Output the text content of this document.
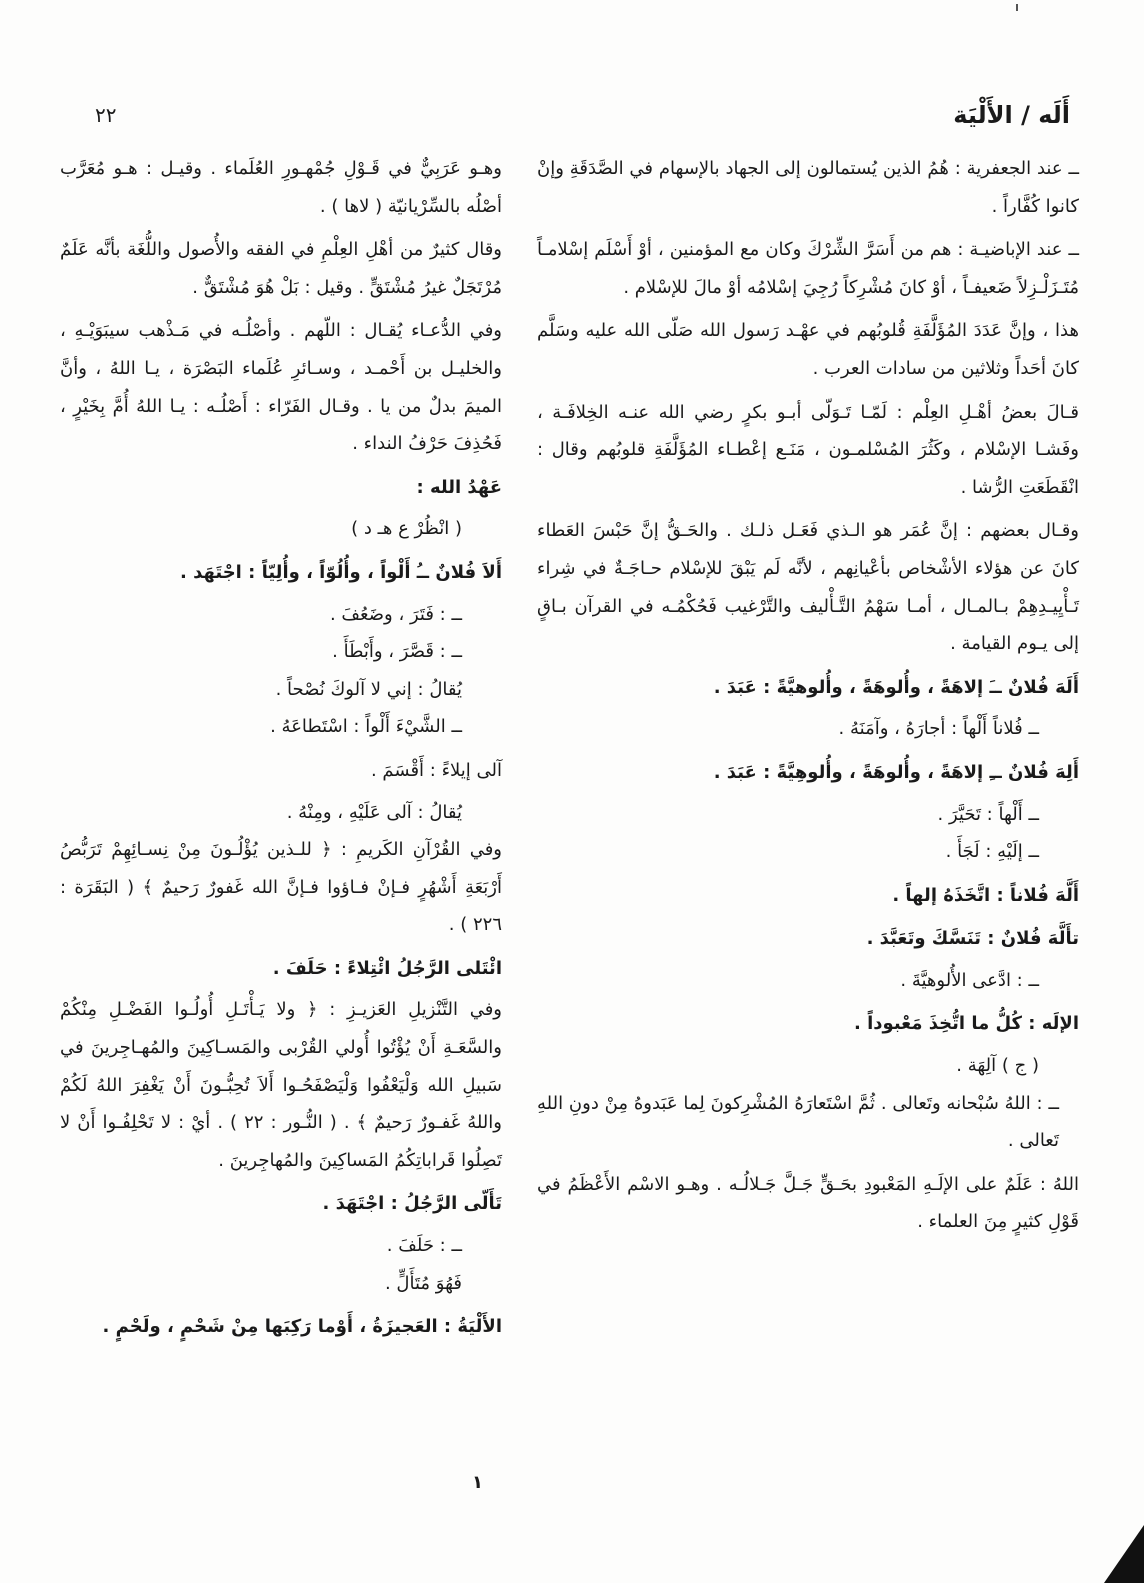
أَلَه / الأَلْيَة
٢٢

ــ عند الجعفرية : هُمُ الذين يُستمالون إلى الجهاد بالإسهام في الصَّدَقَةِ وإنْ كانوا كُفَّاراً .

ــ عند الإباضيـة : هم من أَسَرَّ الشِّرْكَ وكان مع المؤمنين ، أوْ أَسْلَم إسْلامـاً مُتَـزَلْـزِلاً ضَعيفـاً ، أوْ كانَ مُشْرِكاً رُجِيَ إسْلامُه أوْ مالَ للإسْلام .

هذا ، وإنَّ عَدَدَ المُؤَلَّفَةِ قُلوبُهم في عهْـد رَسول الله صَلّى الله عليه وسَلَّم كانَ أحَداً وثلاثين من سادات العرب .

قـالَ بعضُ أهْـلِ العِلْم : لَمّـا تَـوَلّى أبـو بكرٍ رضي الله عنـه الخِلافَـة ، وفَشـا الإسْلام ، وكَثُرَ المُسْلمـون ، مَنَـع إعْطـاء المُؤَلَّفَةِ قلوبُهم وقال : انْقَطَعَتِ الرُّشا .

وقـال بعضهم : إنَّ عُمَر هو الـذي فَعَـل ذلـك . والحَـقُّ إنَّ حَبْسَ العَطاء كانَ عن هؤلاء الأشْخاص بأعْيانِهم ، لأنَّه لَم يَبْقَ للإسْلام حـاجَـةٌ في شِراء تَـأْيِيـدِهِمْ بـالمـال ، أمـا سَهْمُ التَّـأْليف والتَّرْغيب فَحُكْمُـه في القرآن بـاقٍ إلى يـوم القيامة .

أَلَهَ فُلانٌ ــَ إلاهَةً ، وأُلوهَةً ، وأُلوهيَّةً : عَبَدَ .

ــ فُلاناً أَلْهاً : أجارَهُ ، وآمَنَهُ .

أَلِهَ فُلانٌ ــِ إلاهَةً ، وأُلوهَةً ، وأُلوهِيَّةً : عَبَدَ .

ــ أَلْهاً : تَحَيَّرَ .

ــ إلَيْهِ : لَجَأَ .

أَلَّهَ فُلاناً : اتَّخَذَهُ إلهاً .

تأَلَّهَ فُلانٌ : تَنَسَّكَ وتَعَبَّدَ .

ــ : ادَّعى الأُلوهيَّةَ .

الإلَه : كُلُّ ما اتُّخِذَ مَعْبوداً .

( ج ) آلِهَة .

ــ : اللهُ سُبْحانه وتَعالى . ثُمَّ اسْتَعارَهُ المُشْرِكونَ لِما عَبَدوهُ مِنْ دونِ اللهِ تَعالى .

اللهُ : عَلَمٌ على الإلَـهِ المَعْبودِ بحَـقٍّ جَـلَّ جَـلالُـه . وهـو الاسْم الأَعْظَمُ في قَوْلِ كثيرٍ مِنَ العلماء .

وهـو عَرَبِيٌّ في قَـوْلِ جُمْهـورِ العُلَماء . وقيـل : هـو مُعَرَّب أصْلُه بالسِّرْيانيّة ( لاها ) .

وقال كثيرٌ من أهْلِ العِلْمِ في الفقه والأُصول واللُّغَة بأنَّه عَلَمٌ مُرْتَجَلٌ غيرُ مُشْتَقٍّ . وقيل : بَلْ هُوَ مُشْتَقٌّ .

وفي الدُّعـاء يُقـال : اللّهم . وأصْلُـه في مَـذْهب سيبَوَيْـهِ ، والخليـل بن أَحْمـد ، وسـائرِ عُلَماء البَصْرَة ، يـا اللهُ ، وأنَّ الميمَ بدلٌ من يا . وقـال الفَرّاء : أَصْلُـه : يـا اللهُ أُمَّ بِخَيْرٍ ، فَحُذِفَ حَرْفُ النداء .

عَهْدُ الله :

( انْظُرْ ع هـ د )

أَلاَ فُلانٌ ــُ أَلْواً ، وأُلُوّاً ، وأُلِيّاً : اجْتَهَد .

ــ : فَتَرَ ، وضَعُفَ .

ــ : قَصَّرَ ، وأَبْطَأَ .

يُقالُ : إني لا آلوكَ نُصْحاً .

ــ الشَّيْءَ أَلْواً : اسْتَطاعَهُ .

آلى إيلاءً : أَقْسَمَ .

يُقالُ : آلى عَلَيْهِ ، ومِنْهُ .

وفي القُرْآنِ الكَريمِ : ﴿ للـذين يُؤْلُـونَ مِنْ نِسـائِهِمْ تَرَبُّصُ أَرْبَعَةِ أَشْهُرٍ فـإنْ فـاؤوا فـإنَّ الله غَفورٌ رَحيمٌ ﴾ ( البَقَرَة : ٢٢٦ ) .

ائْتَلى الرَّجُلُ ائْتِلاءً : حَلَفَ .

وفي التَّنْزيلِ العَزيـزِ : ﴿ ولا يَـأْتَـلِ أُولُـوا الفَضْـلِ مِنْكُمْ والسَّعَـةِ أَنْ يُؤْتُوا أُولي القُرْبى والمَسـاكِينَ والمُهـاجِرينَ في سَبيلِ الله وَلْيَعْفُوا وَلْيَصْفَحُـوا أَلاَ تُحِبُّـونَ أَنْ يَغْفِرَ اللهُ لَكُمْ واللهُ غَفـورٌ رَحيمٌ ﴾ . ( النُّـور : ٢٢ ) . أيْ : لا تَحْلِفُـوا أَنْ لا تَصِلُوا قَراباتِكُمُ المَساكِينَ والمُهاجِرينَ .

تَأَلّى الرَّجُلُ : اجْتَهَدَ .

ــ : حَلَفَ .

فَهُوَ مُتَأَلٍّ .

الأَلْيَةُ : العَجيزَةُ ، أَوْما رَكِبَها مِنْ شَحْمٍ ، ولَحْمٍ .

١
